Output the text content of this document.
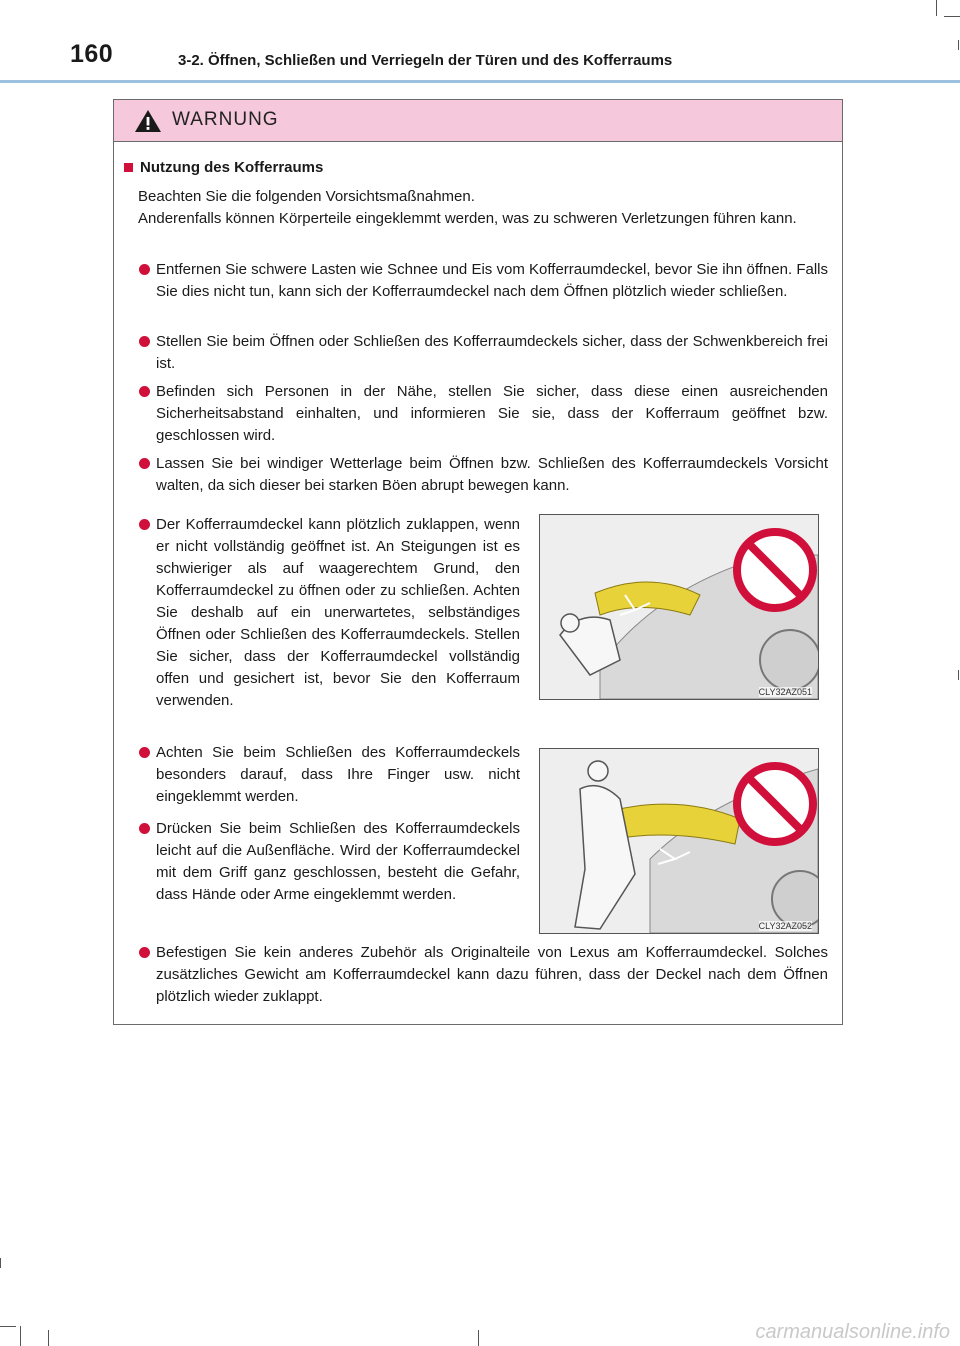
160	3-2. Öffnen, Schließen und Verriegeln der Türen und des Kofferraums
WARNUNG
Nutzung des Kofferraums
Beachten Sie die folgenden Vorsichtsmaßnahmen.
Anderenfalls können Körperteile eingeklemmt werden, was zu schweren Verletzungen führen kann.
Entfernen Sie schwere Lasten wie Schnee und Eis vom Kofferraumdeckel, bevor Sie ihn öffnen. Falls Sie dies nicht tun, kann sich der Kofferraumdeckel nach dem Öffnen plötzlich wieder schließen.
Stellen Sie beim Öffnen oder Schließen des Kofferraumdeckels sicher, dass der Schwenkbereich frei ist.
Befinden sich Personen in der Nähe, stellen Sie sicher, dass diese einen ausreichenden Sicherheitsabstand einhalten, und informieren Sie sie, dass der Kofferraum geöffnet bzw. geschlossen wird.
Lassen Sie bei windiger Wetterlage beim Öffnen bzw. Schließen des Kofferraumdeckels Vorsicht walten, da sich dieser bei starken Böen abrupt bewegen kann.
Der Kofferraumdeckel kann plötzlich zuklappen, wenn er nicht vollständig geöffnet ist. An Steigungen ist es schwieriger als auf waagerechtem Grund, den Kofferraumdeckel zu öffnen oder zu schließen. Achten Sie deshalb auf ein unerwartetes, selbständiges Öffnen oder Schließen des Kofferraumdeckels. Stellen Sie sicher, dass der Kofferraumdeckel vollständig offen und gesichert ist, bevor Sie den Kofferraum verwenden.	CLY32AZ051
Achten Sie beim Schließen des Kofferraumdeckels besonders darauf, dass Ihre Finger usw. nicht eingeklemmt werden.
Drücken Sie beim Schließen des Kofferraumdeckels leicht auf die Außenfläche. Wird der Kofferraumdeckel mit dem Griff ganz geschlossen, besteht die Gefahr, dass Hände oder Arme eingeklemmt werden.
CLY32AZ052
Befestigen Sie kein anderes Zubehör als Originalteile von Lexus am Kofferraumdeckel. Solches zusätzliches Gewicht am Kofferraumdeckel kann dazu führen, dass der Deckel nach dem Öffnen plötzlich wieder zuklappt.
carmanualsonline.info
